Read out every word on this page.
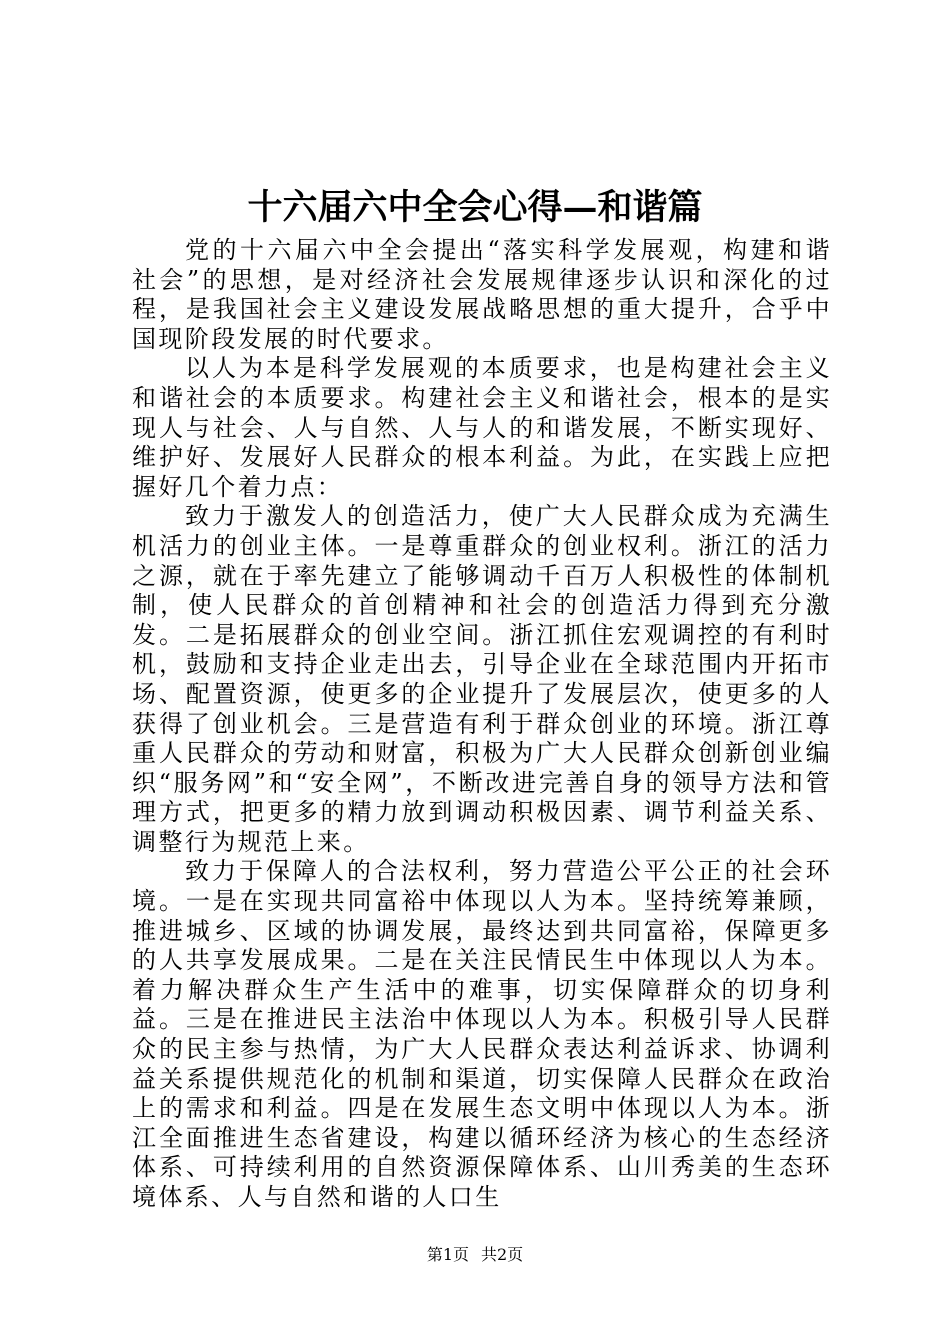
十六届六中全会心得—和谐篇

党的十六届六中全会提出“落实科学发展观，构建和谐社会”的思想，是对经济社会发展规律逐步认识和深化的过程，是我国社会主义建设发展战略思想的重大提升，合乎中国现阶段发展的时代要求。

以人为本是科学发展观的本质要求，也是构建社会主义和谐社会的本质要求。构建社会主义和谐社会，根本的是实现人与社会、人与自然、人与人的和谐发展，不断实现好、维护好、发展好人民群众的根本利益。为此，在实践上应把握好几个着力点：

致力于激发人的创造活力，使广大人民群众成为充满生机活力的创业主体。一是尊重群众的创业权利。浙江的活力之源，就在于率先建立了能够调动千百万人积极性的体制机制，使人民群众的首创精神和社会的创造活力得到充分激发。二是拓展群众的创业空间。浙江抓住宏观调控的有利时机，鼓励和支持企业走出去，引导企业在全球范围内开拓市场、配置资源，使更多的企业提升了发展层次，使更多的人获得了创业机会。三是营造有利于群众创业的环境。浙江尊重人民群众的劳动和财富，积极为广大人民群众创新创业编织“服务网”和“安全网”，不断改进完善自身的领导方法和管理方式，把更多的精力放到调动积极因素、调节利益关系、调整行为规范上来。

致力于保障人的合法权利，努力营造公平公正的社会环境。一是在实现共同富裕中体现以人为本。坚持统筹兼顾，推进城乡、区域的协调发展，最终达到共同富裕，保障更多的人共享发展成果。二是在关注民情民生中体现以人为本。着力解决群众生产生活中的难事，切实保障群众的切身利益。三是在推进民主法治中体现以人为本。积极引导人民群众的民主参与热情，为广大人民群众表达利益诉求、协调利益关系提供规范化的机制和渠道，切实保障人民群众在政治上的需求和利益。四是在发展生态文明中体现以人为本。浙江全面推进生态省建设，构建以循环经济为核心的生态经济体系、可持续利用的自然资源保障体系、山川秀美的生态环境体系、人与自然和谐的人口生

第1页 共2页
